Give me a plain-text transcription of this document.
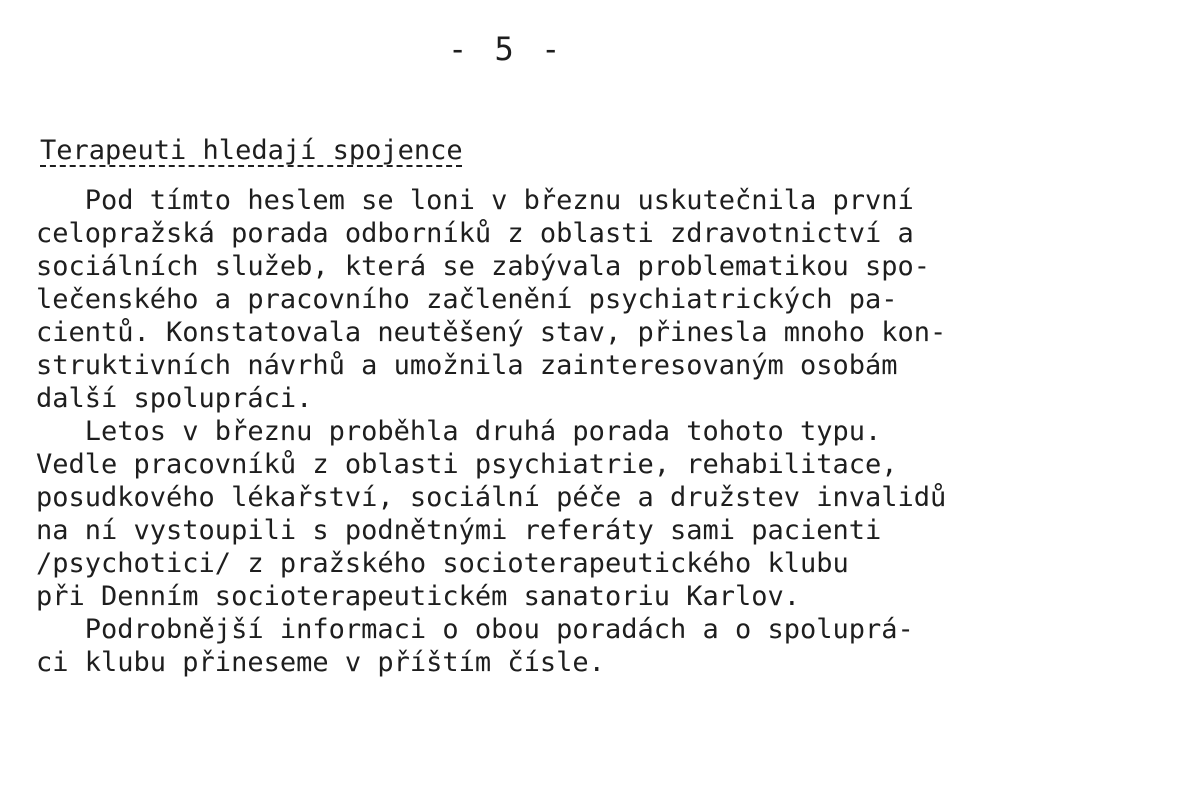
- 5 -
Terapeuti hledají spojence
Pod tímto heslem se loni v březnu uskutečnila první
celopražská porada odborníků z oblasti zdravotnictví a
sociálních služeb, která se zabývala problematikou spo-
lečenského a pracovního začlenění psychiatrických pa-
cientů. Konstatovala neutěšený stav, přinesla mnoho kon-
struktivních návrhů a umožnila zainteresovaným osobám
další spolupráci.
Letos v březnu proběhla druhá porada tohoto typu.
Vedle pracovníků z oblasti psychiatrie, rehabilitace,
posudkového lékařství, sociální péče a družstev invalidů
na ní vystoupili s podnětnými referáty sami pacienti
/psychotici/ z pražského socioterapeutického klubu
při Denním socioterapeutickém sanatoriu Karlov.
Podrobnější informaci o obou poradách a o spoluprá-
ci klubu přineseme v příštím čísle.
